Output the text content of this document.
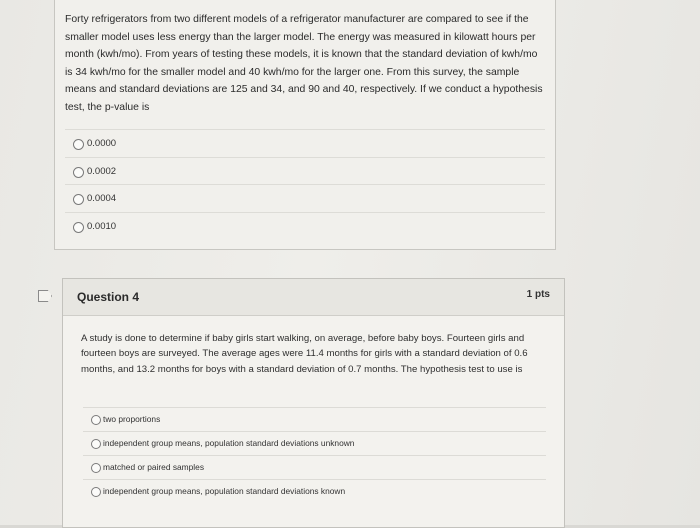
Forty refrigerators from two different models of a refrigerator manufacturer are compared to see if the smaller model uses less energy than the larger model. The energy was measured in kilowatt hours per month (kwh/mo). From years of testing these models, it is known that the standard deviation of kwh/mo is 34 kwh/mo for the smaller model and 40 kwh/mo for the larger one. From this survey, the sample means and standard deviations are 125 and 34, and 90 and 40, respectively. If we conduct a hypothesis test, the p-value is
0.0000
0.0002
0.0004
0.0010
Question 4	1 pts
A study is done to determine if baby girls start walking, on average, before baby boys. Fourteen girls and fourteen boys are surveyed. The average ages were 11.4 months for girls with a standard deviation of 0.6 months, and 13.2 months for boys with a standard deviation of 0.7 months. The hypothesis test to use is
two proportions
independent group means, population standard deviations unknown
matched or paired samples
independent group means, population standard deviations known
